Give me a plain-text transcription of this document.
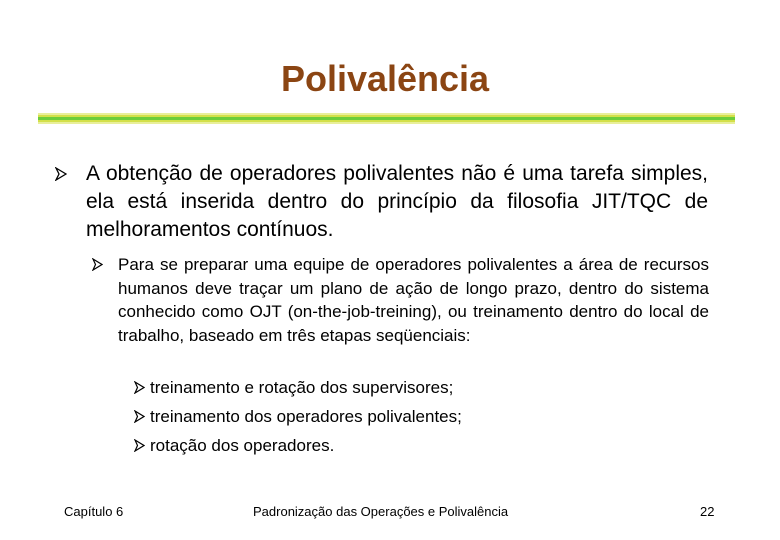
Polivalência
A obtenção de operadores polivalentes não é uma tarefa simples, ela está inserida dentro do princípio da filosofia JIT/TQC de melhoramentos contínuos.
Para se preparar uma equipe de operadores polivalentes a área de recursos humanos deve traçar um plano de ação de longo prazo, dentro do sistema conhecido como OJT (on-the-job-treining), ou treinamento dentro do local de trabalho, baseado em três etapas seqüenciais:
treinamento e rotação dos supervisores;
treinamento dos operadores polivalentes;
rotação dos operadores.
Capítulo 6	Padronização das Operações e Polivalência	22
